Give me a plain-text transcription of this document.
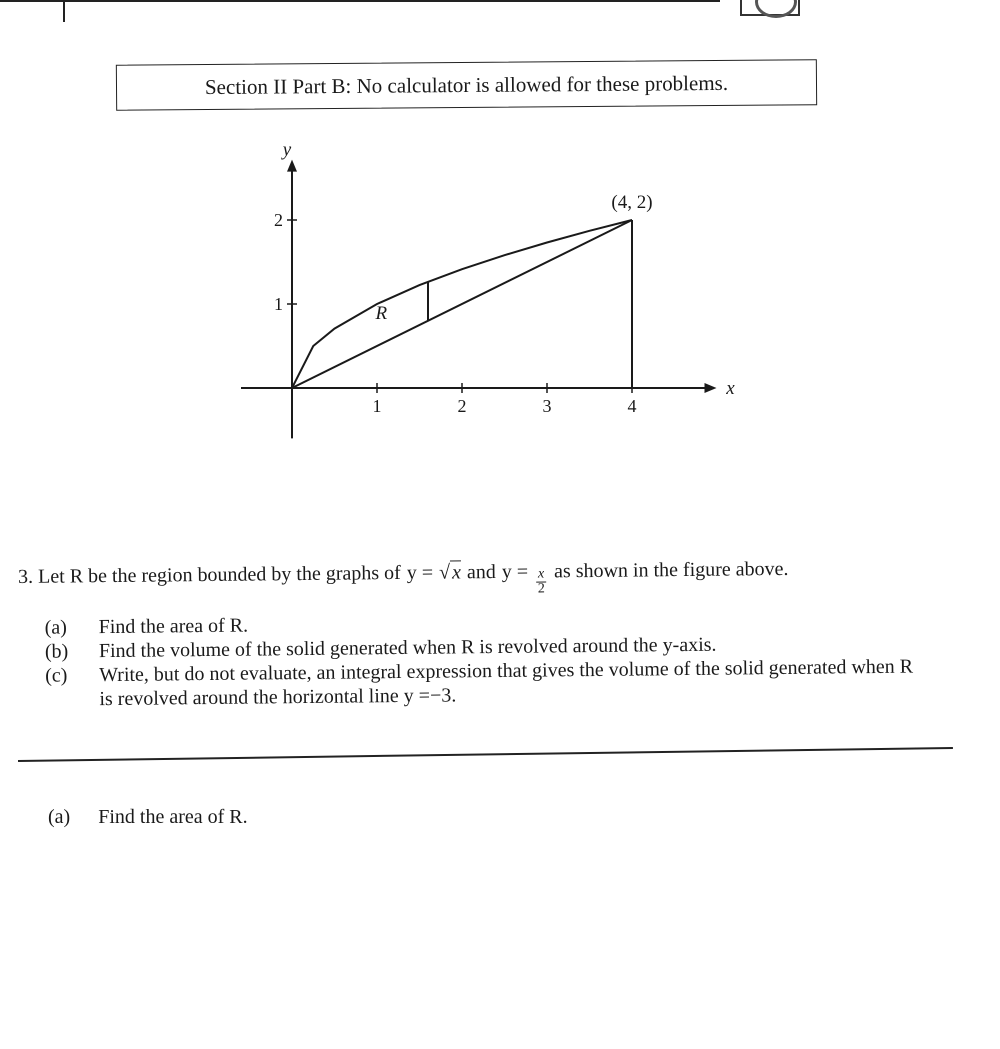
Section II Part B: No calculator is allowed for these problems.
1	2	3	4
1
2
R
(4, 2)
x
y
3. Let R be the region bounded by the graphs of y = √x and $y = \frac{x}{2}$ as shown in the figure above.
(a)	Find the area of R.
(b)	Find the volume of the solid generated when R is revolved around the y-axis.
(c)	Write, but do not evaluate, an integral expression that gives the volume of the solid generated when R is revolved around the horizontal line y =−3.
(a) Find the area of R.
